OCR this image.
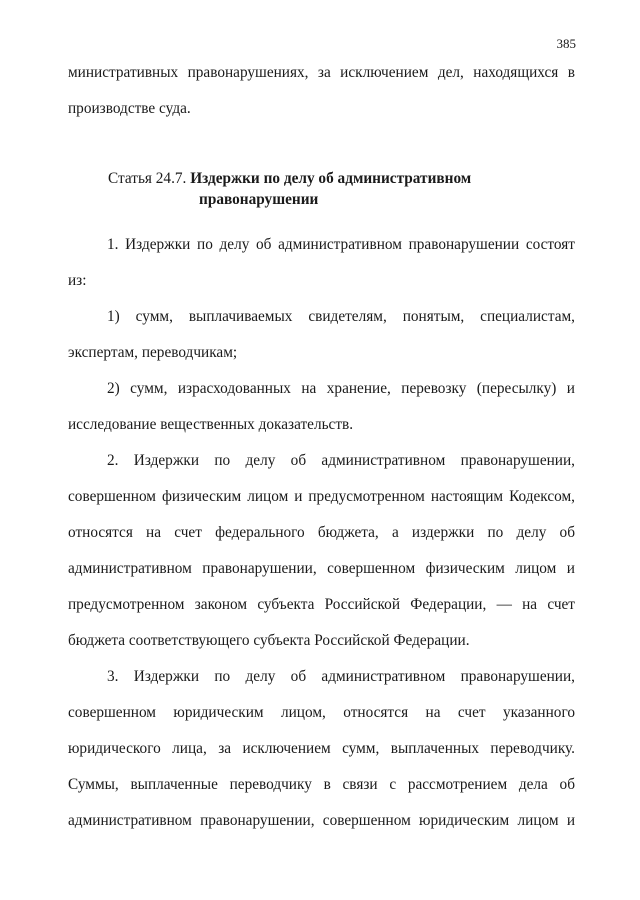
385

министративных правонарушениях, за исключением дел, находящихся в

производстве суда.

Статья 24.7. Издержки по делу об административном
правонарушении

1. Издержки по делу об административном правонарушении состоят из:

1) сумм, выплачиваемых свидетелям, понятым, специалистам, экспертам, переводчикам;

2) сумм, израсходованных на хранение, перевозку (пересылку) и исследование вещественных доказательств.

2. Издержки по делу об административном правонарушении, совершенном физическим лицом и предусмотренном настоящим Кодексом, относятся на счет федерального бюджета, а издержки по делу об административном правонарушении, совершенном физическим лицом и предусмотренном законом субъекта Российской Федерации, — на счет бюджета соответствующего субъекта Российской Федерации.

3. Издержки по делу об административном правонарушении, совершенном юридическим лицом, относятся на счет указанного юридического лица, за исключением сумм, выплаченных переводчику. Суммы, выплаченные переводчику в связи с рассмотрением дела об административном правонарушении, совершенном юридическим лицом и
